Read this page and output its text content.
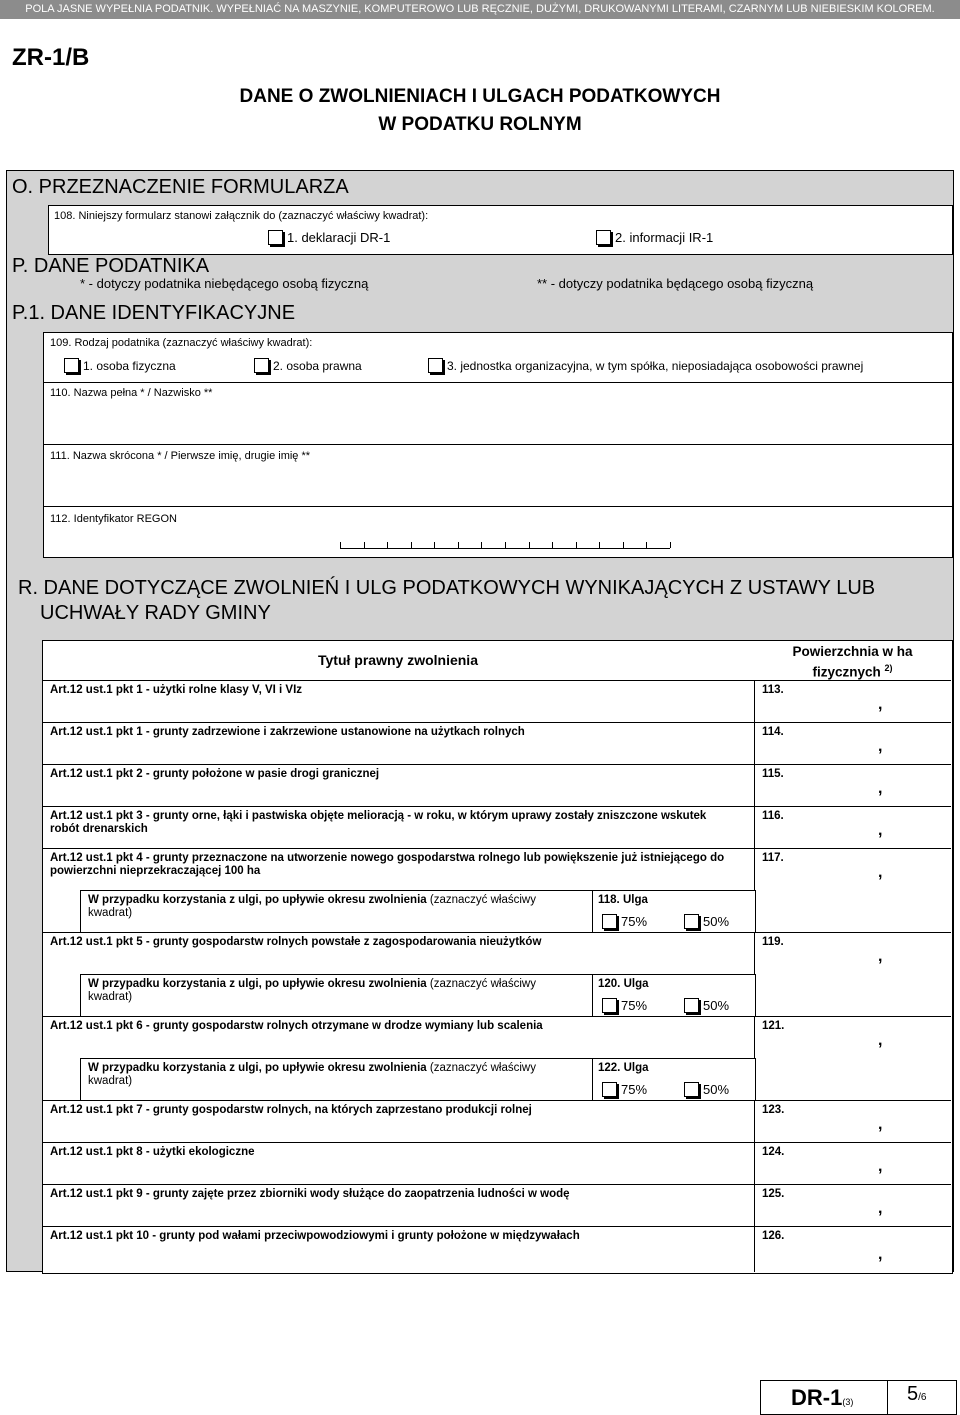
POLA JASNE WYPEŁNIA PODATNIK. WYPEŁNIAĆ NA MASZYNIE, KOMPUTEROWO LUB RĘCZNIE, DUŻYMI, DRUKOWANYMI LITERAMI, CZARNYM LUB NIEBIESKIM KOLOREM.
ZR-1/B
DANE O ZWOLNIENIACH I ULGACH PODATKOWYCH
W PODATKU ROLNYM
O. PRZEZNACZENIE FORMULARZA
108. Niniejszy formularz stanowi załącznik do (zaznaczyć właściwy kwadrat):
1. deklaracji DR-1	2. informacji IR-1
P. DANE PODATNIKA
* - dotyczy podatnika niebędącego osobą fizyczną	** - dotyczy podatnika będącego osobą fizyczną
P.1. DANE IDENTYFIKACYJNE
109. Rodzaj podatnika (zaznaczyć właściwy kwadrat):
1. osoba fizyczna	2. osoba prawna	3. jednostka organizacyjna, w tym spółka, nieposiadająca osobowości prawnej
110. Nazwa pełna * / Nazwisko **
111. Nazwa skrócona * / Pierwsze imię, drugie imię **
112. Identyfikator REGON
R. DANE DOTYCZĄCE ZWOLNIEŃ I ULG PODATKOWYCH WYNIKAJĄCYCH Z USTAWY LUB
UCHWAŁY RADY GMINY
Tytuł prawny zwolnienia
Powierzchnia w ha
fizycznych $^{2)}$
Art.12 ust.1 pkt 1 - użytki rolne klasy V, VI i VIz	113.
,
Art.12 ust.1 pkt 1 - grunty zadrzewione i zakrzewione ustanowione na użytkach rolnych	114.
,
Art.12 ust.1 pkt 2 - grunty położone w pasie drogi granicznej	115.
,
Art.12 ust.1 pkt 3 - grunty orne, łąki i pastwiska objęte melioracją - w roku, w którym uprawy zostały zniszczone wskutek robót drenarskich
116.
,
Art.12 ust.1 pkt 4 - grunty przeznaczone na utworzenie nowego gospodarstwa rolnego lub powiększenie już istniejącego do powierzchni nieprzekraczającej 100 ha
117.
,
W przypadku korzystania z ulgi, po upływie okresu zwolnienia (zaznaczyć właściwy
kwadrat)
118. Ulga
75%	50%
Art.12 ust.1 pkt 5 - grunty gospodarstw rolnych powstałe z zagospodarowania nieużytków	119.
,
W przypadku korzystania z ulgi, po upływie okresu zwolnienia (zaznaczyć właściwy
kwadrat)
120. Ulga
75%	50%
Art.12 ust.1 pkt 6 - grunty gospodarstw rolnych otrzymane w drodze wymiany lub scalenia	121.
,
W przypadku korzystania z ulgi, po upływie okresu zwolnienia (zaznaczyć właściwy
kwadrat)
122. Ulga
75%	50%
Art.12 ust.1 pkt 7 - grunty gospodarstw rolnych, na których zaprzestano produkcji rolnej	123.
,
Art.12 ust.1 pkt 8 - użytki ekologiczne	124.
,
Art.12 ust.1 pkt 9 - grunty zajęte przez zbiorniki wody służące do zaopatrzenia ludności w wodę	125.
,
Art.12 ust.1 pkt 10 - grunty pod wałami przeciwpowodziowymi i grunty położone w międzywałach	126.
,
DR-1(3)	5/6
